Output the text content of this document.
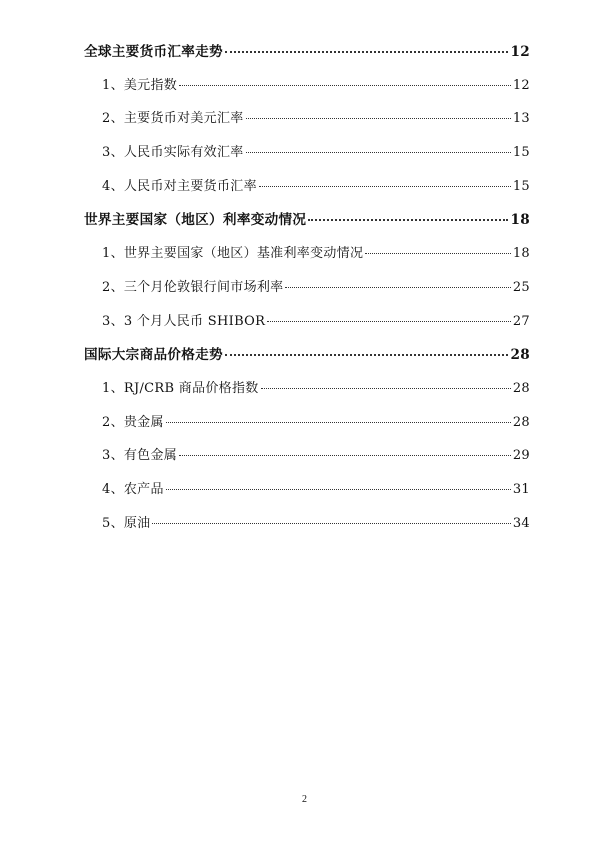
全球主要货币汇率走势	12
1、美元指数	12
2、主要货币对美元汇率	13
3、人民币实际有效汇率	15
4、人民币对主要货币汇率	15
世界主要国家（地区）利率变动情况	18
1、世界主要国家（地区）基准利率变动情况	18
2、三个月伦敦银行间市场利率	25
3、3 个月人民币 SHIBOR	27
国际大宗商品价格走势	28
1、RJ/CRB 商品价格指数	28
2、贵金属	28
3、有色金属	29
4、农产品	31
5、原油	34
2
